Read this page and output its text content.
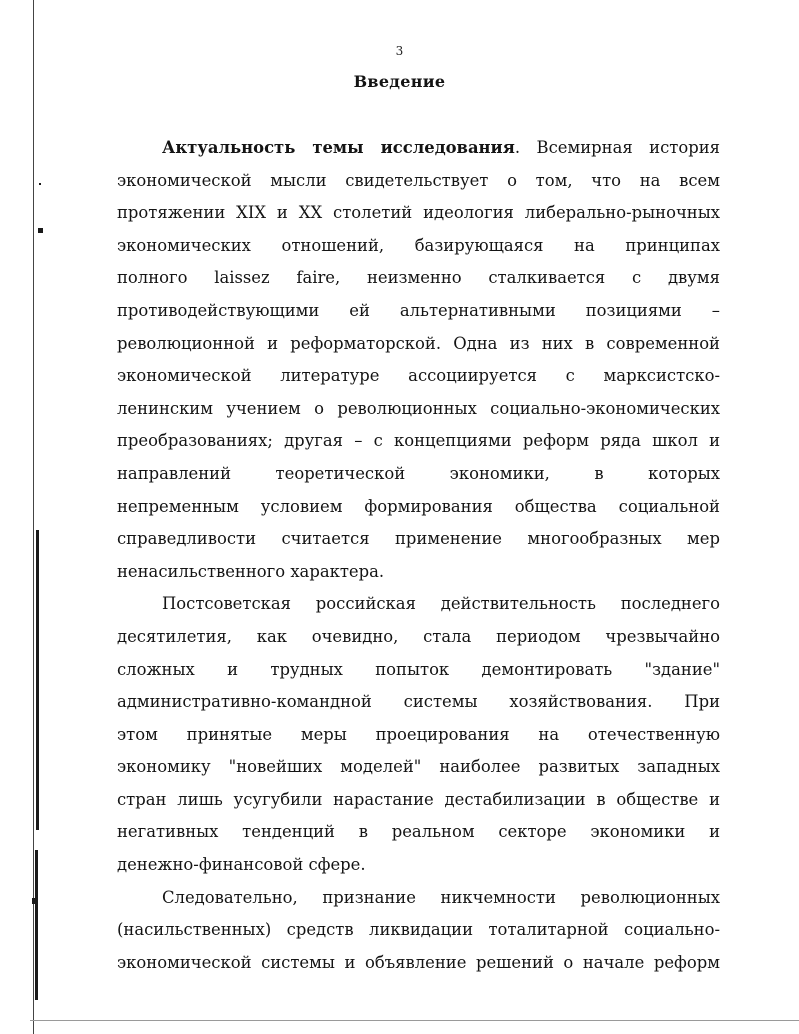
3
Введение
Актуальность темы исследования. Всемирная история
экономической мысли свидетельствует о том, что на всем
протяжении XIX и XX столетий идеология либерально-рыночных
экономических отношений, базирующаяся на принципах
полного laissez faire, неизменно сталкивается с двумя
противодействующими ей альтернативными позициями –
революционной и реформаторской. Одна из них в современной
экономической литературе ассоциируется с марксистско-
ленинским учением о революционных социально-экономических
преобразованиях; другая – с концепциями реформ ряда школ и
направлений теоретической экономики, в которых
непременным условием формирования общества социальной
справедливости считается применение многообразных мер
ненасильственного характера.
Постсоветская российская действительность последнего
десятилетия, как очевидно, стала периодом чрезвычайно
сложных и трудных попыток демонтировать "здание"
административно-командной системы хозяйствования. При
этом принятые меры проецирования на отечественную
экономику "новейших моделей" наиболее развитых западных
стран лишь усугубили нарастание дестабилизации в обществе и
негативных тенденций в реальном секторе экономики и
денежно-финансовой сфере.
Следовательно, признание никчемности революционных
(насильственных) средств ликвидации тоталитарной социально-
экономической системы и объявление решений о начале реформ
